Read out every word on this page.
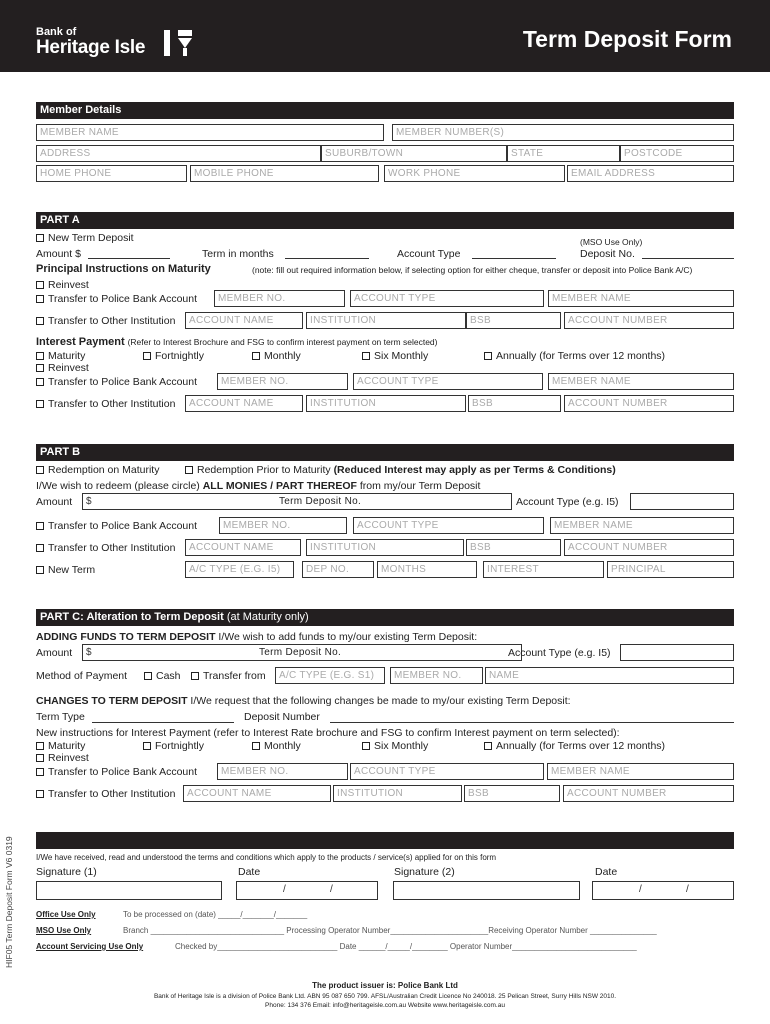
Bank of
Heritage Isle	Term Deposit Form
Member Details
MEMBER NAME	MEMBER NUMBER(S)
ADDRESS	SUBURB/TOWN	STATE	POSTCODE
HOME PHONE	MOBILE PHONE	WORK PHONE	EMAIL ADDRESS
PART A
New Term Deposit	(MSO Use Only)
Amount $	Term in months	Account Type	Deposit No.
Principal Instructions on Maturity	(note: fill out required information below, if selecting option for either cheque, transfer or deposit into Police Bank A/C)
Reinvest
Transfer to Police Bank Account	MEMBER NO.	ACCOUNT TYPE	MEMBER NAME
Transfer to Other Institution	ACCOUNT NAME	INSTITUTION	BSB	ACCOUNT NUMBER
Interest Payment (Refer to Interest Brochure and FSG to confirm interest payment on term selected)
Maturity	Fortnightly	Monthly	Six Monthly	Annually (for Terms over 12 months)
Reinvest
Transfer to Police Bank Account	MEMBER NO.	ACCOUNT TYPE	MEMBER NAME
Transfer to Other Institution	ACCOUNT NAME	INSTITUTION	BSB	ACCOUNT NUMBER
PART B
Redemption on Maturity	Redemption Prior to Maturity (Reduced Interest may apply as per Terms & Conditions)
I/We wish to redeem (please circle) ALL MONIES / PART THEREOF from my/our Term Deposit
Amount	$	Term Deposit No.	Account Type (e.g. I5)
Transfer to Police Bank Account	MEMBER NO.	ACCOUNT TYPE	MEMBER NAME
Transfer to Other Institution	ACCOUNT NAME	INSTITUTION	BSB	ACCOUNT NUMBER
New Term	A/C TYPE (E.G. I5)	DEP NO.	MONTHS	INTEREST	PRINCIPAL
PART C: Alteration to Term Deposit (at Maturity only)
ADDING FUNDS TO TERM DEPOSIT I/We wish to add funds to my/our existing Term Deposit:
Amount	$	Term Deposit No.	Account Type (e.g. I5)
Method of Payment	Cash	Transfer from	A/C TYPE (E.G. S1)	MEMBER NO.	NAME
CHANGES TO TERM DEPOSIT I/We request that the following changes be made to my/our existing Term Deposit:
Term Type	Deposit Number
New instructions for Interest Payment (refer to Interest Rate brochure and FSG to confirm Interest payment on term selected):
Maturity	Fortnightly	Monthly	Six Monthly	Annually (for Terms over 12 months)
Reinvest
Transfer to Police Bank Account	MEMBER NO.	ACCOUNT TYPE	MEMBER NAME
Transfer to Other Institution	ACCOUNT NAME	INSTITUTION	BSB	ACCOUNT NUMBER
I/We have received, read and understood the terms and conditions which apply to the products / service(s) applied for on this form
Signature (1)	Date	Signature (2)	Date
/	/	/	/
Office Use Only	To be processed on (date) _____/_______/_______
MSO Use Only	Branch ______________________________ Processing Operator Number______________________Receiving Operator Number _______________
Account Servicing Use Only	Checked by___________________________ Date ______/_____/________ Operator Number____________________________
The product issuer is: Police Bank Ltd
Bank of Heritage Isle is a division of Police Bank Ltd. ABN 95 087 650 799. AFSL/Australian Credit Licence No 240018. 25 Pelican Street, Surry Hills NSW 2010.
Phone: 134 376 Email: info@heritageisle.com.au Website www.heritageisle.com.au
HIF05 Term Deposit Form V6 0319
